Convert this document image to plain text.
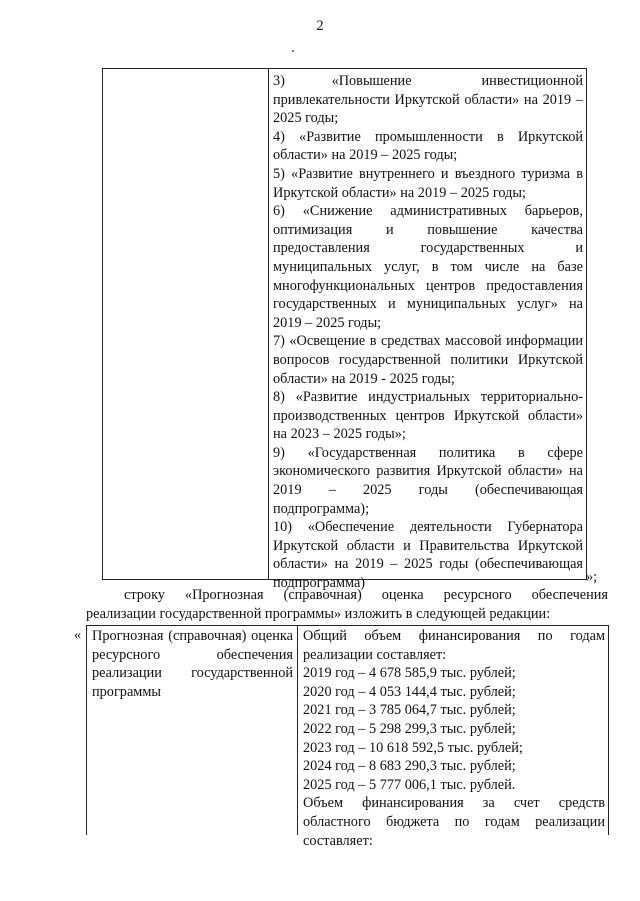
2

3)        «Повышение            инвестиционной привлекательности Иркутской области» на 2019 – 2025 годы;

4) «Развитие промышленности в Иркутской области» на 2019 – 2025 годы;

5) «Развитие внутреннего и въездного туризма в Иркутской области» на 2019 – 2025 годы;

6) «Снижение административных барьеров, оптимизация и повышение качества предоставления государственных и муниципальных услуг, в том числе на базе многофункциональных центров предоставления государственных и муниципальных услуг» на 2019 – 2025 годы;

7) «Освещение в средствах массовой информации вопросов государственной политики Иркутской области» на 2019 - 2025 годы;

8) «Развитие индустриальных территориально-производственных центров Иркутской области» на 2023 – 2025 годы»;

9) «Государственная политика в сфере экономического развития Иркутской области» на 2019 – 2025 годы (обеспечивающая подпрограмма);

10) «Обеспечение деятельности Губернатора Иркутской области и Правительства Иркутской области» на 2019 – 2025 годы (обеспечивающая подпрограмма)	»;
строку «Прогнозная (справочная) оценка ресурсного обеспечения
реализации государственной программы» изложить в следующей редакции:
« Прогнозная (справочная) оценка ресурсного обеспечения реализации государственной программы

Общий объем финансирования по годам реализации составляет:

2019 год – 4 678 585,9 тыс. рублей;

2020 год – 4 053 144,4 тыс. рублей;

2021 год – 3 785 064,7 тыс. рублей;

2022 год – 5 298 299,3 тыс. рублей;

2023 год – 10 618 592,5 тыс. рублей;

2024 год – 8 683 290,3 тыс. рублей;

2025 год – 5 777 006,1 тыс. рублей.

Объем финансирования за счет средств областного бюджета по годам реализации составляет:
